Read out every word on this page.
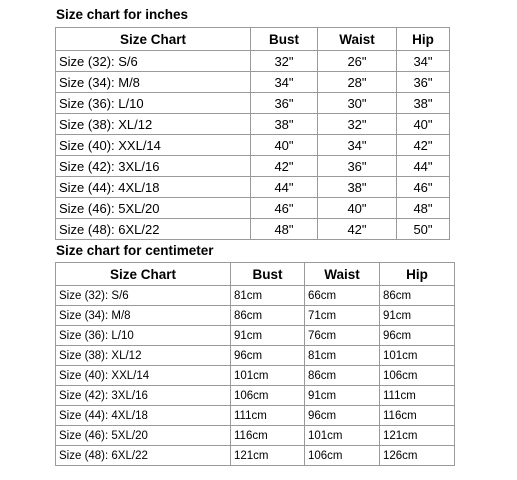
Size chart for inches
Size Chart	Bust	Waist	Hip
Size (32): S/6	32"	26"	34"
Size (34): M/8	34"	28"	36"
Size (36): L/10	36"	30"	38"
Size (38): XL/12	38"	32"	40"
Size (40): XXL/14	40"	34"	42"
Size (42): 3XL/16	42"	36"	44"
Size (44): 4XL/18	44"	38"	46"
Size (46): 5XL/20	46"	40"	48"
Size (48): 6XL/22	48"	42"	50"
Size chart for centimeter
Size Chart	Bust	Waist	Hip
Size (32): S/6	81cm	66cm	86cm
Size (34): M/8	86cm	71cm	91cm
Size (36): L/10	91cm	76cm	96cm
Size (38): XL/12	96cm	81cm	101cm
Size (40): XXL/14	101cm	86cm	106cm
Size (42): 3XL/16	106cm	91cm	111cm
Size (44): 4XL/18	111cm	96cm	116cm
Size (46): 5XL/20	116cm	101cm	121cm
Size (48): 6XL/22	121cm	106cm	126cm
